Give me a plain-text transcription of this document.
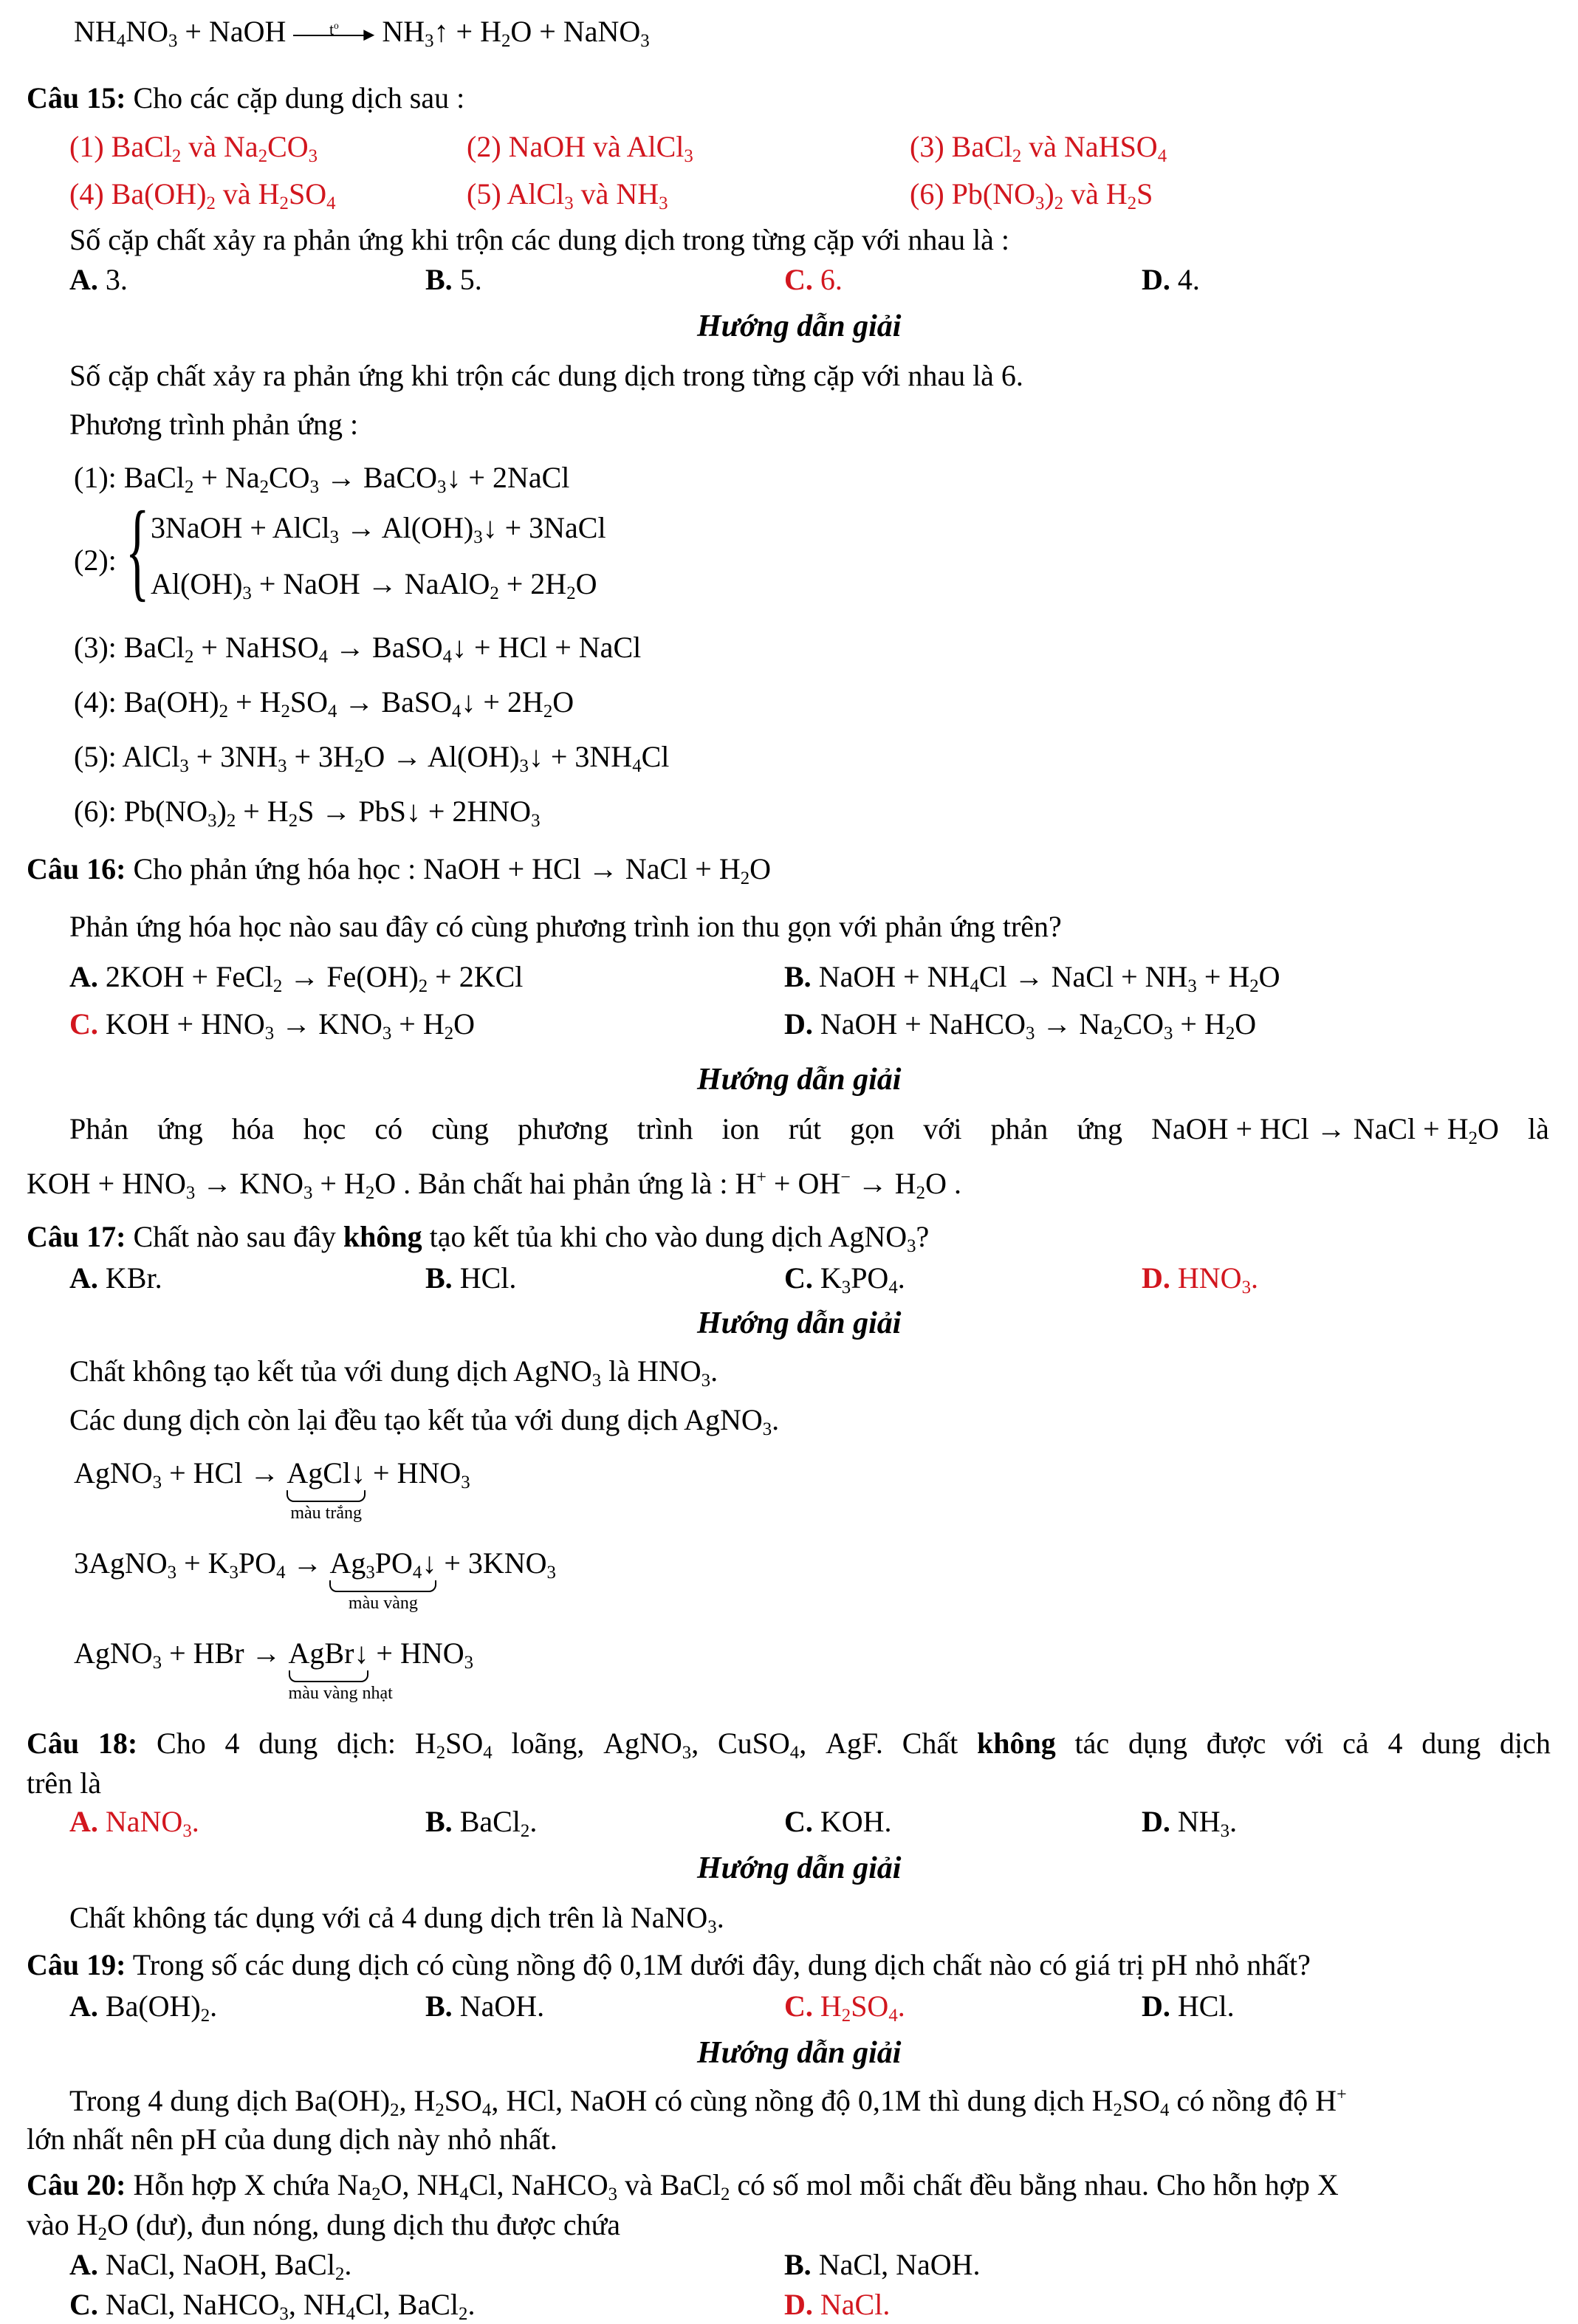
$NH_4NO_3$ + NaOH	$t^o$	▸ $NH_3↑ + H_2O$ + NaNO$_3$
Câu 15: Cho các cặp dung dịch sau :
(1) BaCl$_2$ và $Na_2CO_3$	(2) NaOH và AlCl$_3$	(3) BaCl$_2$ và NaHSO$_4$
(4) $Ba(OH)_2$ và $H_2SO_4$	(5) AlCl$_3$ và $NH_3$	(6) $Pb(NO_3)_2$ và $H_2S$
Số cặp chất xảy ra phản ứng khi trộn các dung dịch trong từng cặp với nhau là :
A. 3.	B. 5.	C. 6.	D. 4.
Hướng dẫn giải
Số cặp chất xảy ra phản ứng khi trộn các dung dịch trong từng cặp với nhau là 6.
Phương trình phản ứng :
(1): BaCl$_2$ + $Na_2CO_3$ → BaCO$_3$↓ + 2NaCl
(2): { 3NaOH + AlCl$_3$ → $Al(OH)_3↓$ + 3NaCl
$Al(OH)_3$ + NaOH → NaAlO$_2$ + $2H_2O$
(3): BaCl$_2$ + NaHSO$_4$ → BaSO$_4$↓ + HCl + NaCl
(4): $Ba(OH)_2 + H_2SO_4$ → BaSO$_4$↓ + $2H_2O$
(5): AlCl$_3$ + $3NH_3 + 3H_2O$ → $Al(OH)_3↓ + 3NH_4Cl$
(6): $Pb(NO_3)_2 + H_2S$ → PbS↓ + $2HNO_3$
Câu 16: Cho phản ứng hóa học : NaOH + HCl → NaCl + $H_2O$
Phản ứng hóa học nào sau đây có cùng phương trình ion thu gọn với phản ứng trên?
A. 2KOH + FeCl$_2$ → $Fe(OH)_2 + 2KCl$	B. NaOH + $NH_4Cl$ → NaCl + $NH_3 + H_2O$
C. KOH + $HNO_3 \to KNO_3 + H_2O$	D. NaOH + NaHCO$_3$ → $Na_2CO_3 + H_2O$
Hướng dẫn giải
Phản ứng hóa học có cùng phương trình ion rút gọn với phản ứng NaOH + HCl → NaCl + $H_2O$ là
KOH + $HNO_3 \to KNO_3 + H_2O$ . Bản chất hai phản ứng là : $H^+ + OH^- \to H_2O$ .
Câu 17: Chất nào sau đây không tạo kết tủa khi cho vào dung dịch AgNO$_3$?
A. KBr.	B. HCl.	C. $K_3PO_4$.	D. $HNO_3$.
Hướng dẫn giải
Chất không tạo kết tủa với dung dịch AgNO$_3$ là $HNO_3$.
Các dung dịch còn lại đều tạo kết tủa với dung dịch AgNO$_3$.
AgNO$_3$ + HCl → AgCl↓
màu trắng
+ $HNO_3$
3AgNO$_3$ + $K_3PO_4$ → $Ag_3PO_4↓$
màu vàng
+ $3KNO_3$
AgNO$_3$ + HBr → AgBr↓
màu vàng nhạt
+ $HNO_3$
Câu 18: Cho 4 dung dịch: $H_2SO_4$ loãng, AgNO$_3$, CuSO$_4$, AgF. Chất không tác dụng được với cả 4 dung dịch
trên là
A. NaNO$_3$.	B. BaCl$_2$.	C. KOH.	D. $NH_3$.
Hướng dẫn giải
Chất không tác dụng với cả 4 dung dịch trên là NaNO$_3$.
Câu 19: Trong số các dung dịch có cùng nồng độ 0,1M dưới đây, dung dịch chất nào có giá trị pH nhỏ nhất?
A. $Ba(OH)_2$.	B. NaOH.	C. $H_2SO_4$.	D. HCl.
Hướng dẫn giải
Trong 4 dung dịch $Ba(OH)_2$, $H_2SO_4$, HCl, NaOH có cùng nồng độ 0,1M thì dung dịch $H_2SO_4$ có nồng độ H+
lớn nhất nên pH của dung dịch này nhỏ nhất.
Câu 20: Hỗn hợp X chứa $Na_2O$, $NH_4Cl$, NaHCO$_3$ và BaCl$_2$ có số mol mỗi chất đều bằng nhau. Cho hỗn hợp X
vào $H_2O$ (dư), đun nóng, dung dịch thu được chứa
A. NaCl, NaOH, BaCl$_2$.	B. NaCl, NaOH.
C. NaCl, NaHCO$_3$, $NH_4Cl$, BaCl$_2$.	D. NaCl.
